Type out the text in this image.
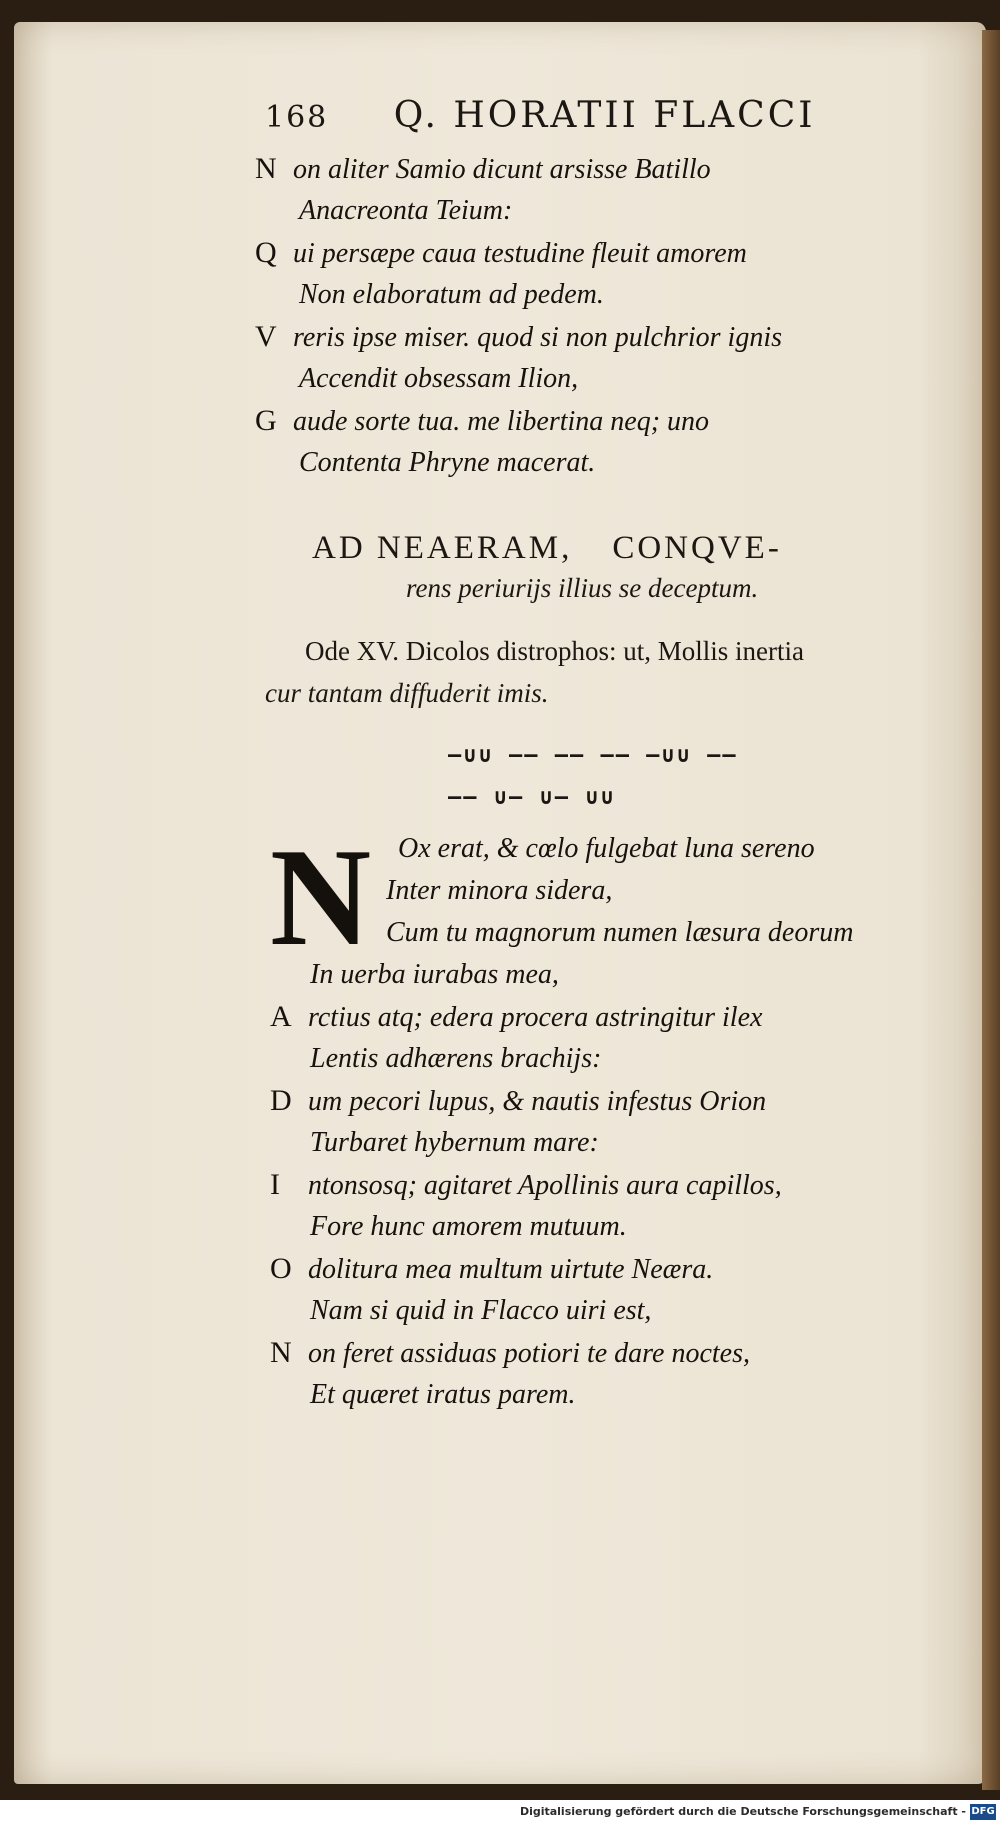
168 Q. HORATII FLACCI
N on aliter Samio dicunt arsisse Batillo
Anacreonta Teium:
Q ui persæpe caua testudine fleuit amorem
Non elaboratum ad pedem.
V reris ipse miser. quod si non pulchrior ignis
Accendit obsessam Ilion,
G aude sorte tua. me libertina neq; uno
Contenta Phryne macerat.
AD NEAERAM, CONQVE-
rens periurijs illius se deceptum.
Ode XV. Dicolos distrophos: ut, Mollis inertia
cur tantam diffuderit imis.
–∪∪ –– –– –– –∪∪ ––
–– ∪– ∪– ∪∪
N Ox erat, & cœlo fulgebat luna sereno
Inter minora sidera,
Cum tu magnorum numen læsura deorum
In uerba iurabas mea,
A rctius atq; edera procera astringitur ilex
Lentis adhærens brachijs:
D um pecori lupus, & nautis infestus Orion
Turbaret hybernum mare:
I ntonsosq; agitaret Apollinis aura capillos,
Fore hunc amorem mutuum.
O dolitura mea multum uirtute Neæra.
Nam si quid in Flacco uiri est,
N on feret assiduas potiori te dare noctes,
Et quæret iratus parem.
Digitalisierung gefördert durch die Deutsche Forschungsgemeinschaft - DFG
